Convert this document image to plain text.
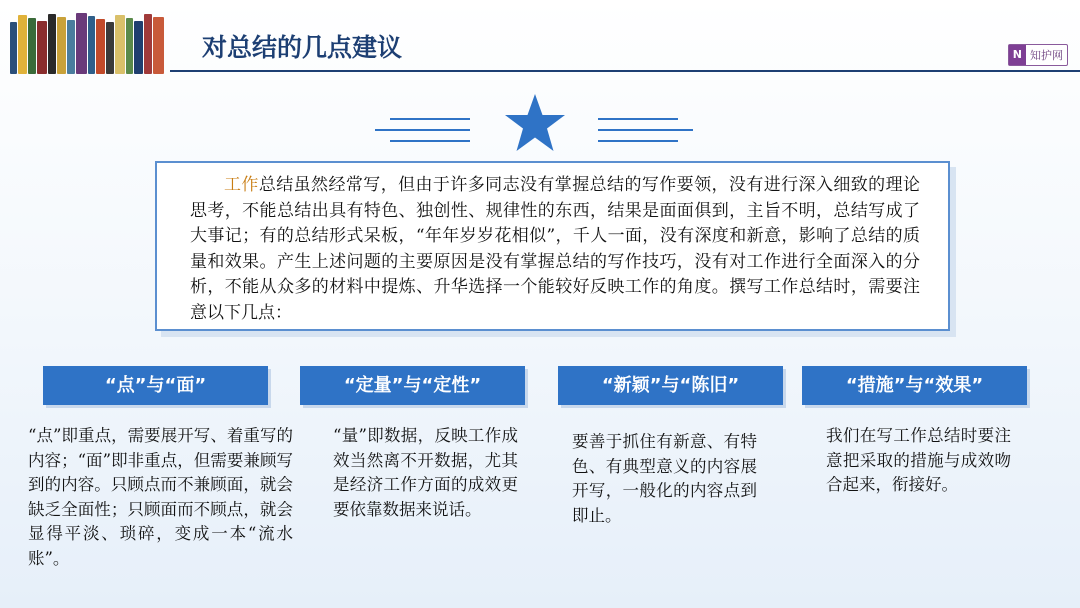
对总结的几点建议	N 知护网

工作总结虽然经常写，但由于许多同志没有掌握总结的写作要领，没有进行深入细致的理论思考，不能总结出具有特色、独创性、规律性的东西，结果是面面俱到，主旨不明，总结写成了大事记；有的总结形式呆板，“年年岁岁花相似”，千人一面，没有深度和新意，影响了总结的质量和效果。产生上述问题的主要原因是没有掌握总结的写作技巧，没有对工作进行全面深入的分析，不能从众多的材料中提炼、升华选择一个能较好反映工作的角度。撰写工作总结时，需要注意以下几点：

“点”与“面”	“定量”与“定性”	“新颖”与“陈旧”	“措施”与“效果”
“点”即重点，需要展开写、着重写的内容；“面”即非重点，但需要兼顾写到的内容。只顾点而不兼顾面，就会缺乏全面性；只顾面而不顾点，就会显得平淡、琐碎，变成一本“流水账”。
“量”即数据，反映工作成效当然离不开数据，尤其是经济工作方面的成效更要依靠数据来说话。
要善于抓住有新意、有特色、有典型意义的内容展开写，一般化的内容点到即止。
我们在写工作总结时要注意把采取的措施与成效吻合起来，衔接好。
